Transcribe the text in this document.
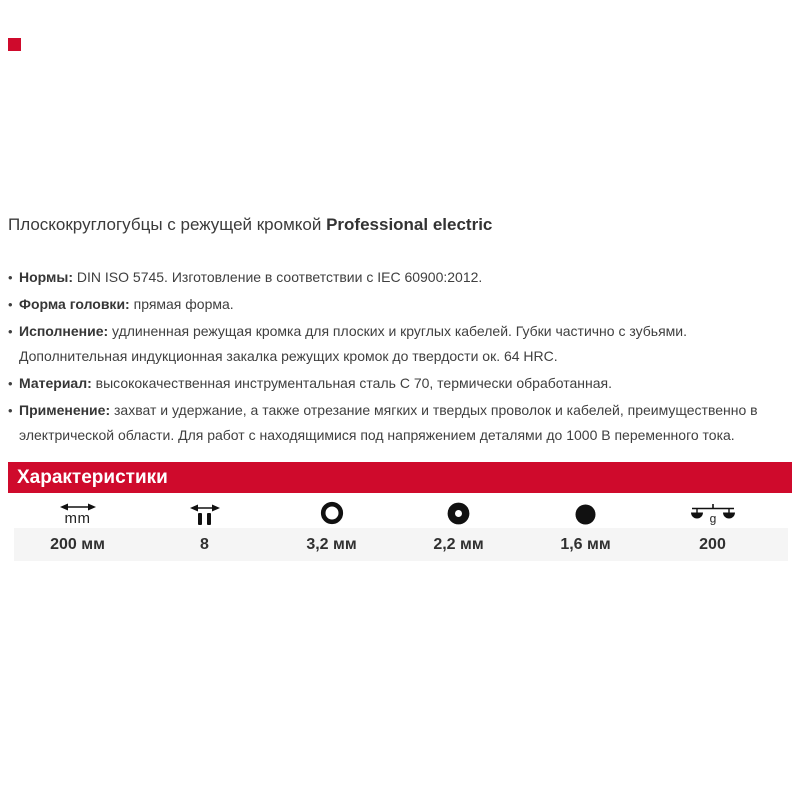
Плоскокруглогубцы с режущей кромкой Professional electric
• Нормы: DIN ISO 5745. Изготовление в соответствии с IEC 60900:2012.
• Форма головки: прямая форма.
• Исполнение: удлиненная режущая кромка для плоских и круглых кабелей. Губки частично с зубьями. Дополнительная индукционная закалка режущих кромок до твердости ок. 64 HRC.
• Материал: высококачественная инструментальная сталь C 70, термически обработанная.
• Применение: захват и удержание, а также отрезание мягких и твердых проволок и кабелей, преимущественно в электрической области. Для работ с находящимися под напряжением деталями до 1000 В переменного тока.
Характеристики
mm	g
200 мм	8	3,2 мм	2,2 мм	1,6 мм	200
